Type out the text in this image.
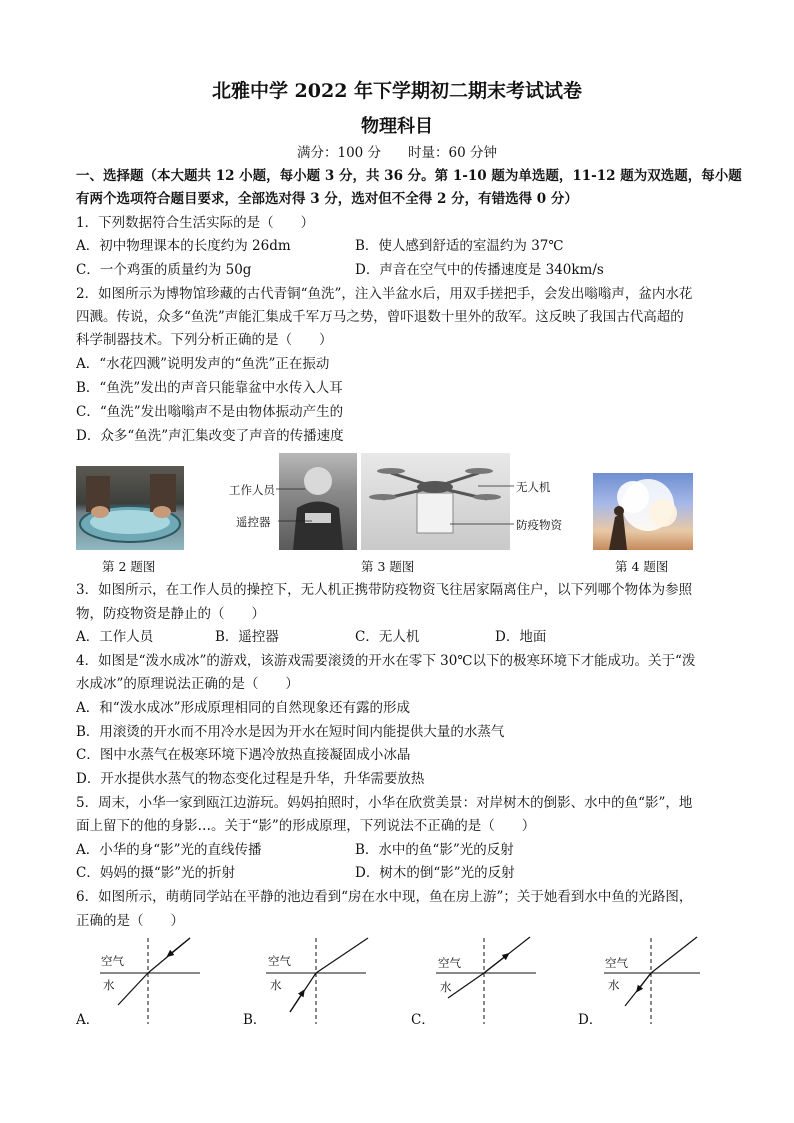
北雅中学 2022 年下学期初二期末考试试卷
物理科目
满分：100 分　　时量：60 分钟
一、选择题（本大题共 12 小题，每小题 3 分，共 36 分。第 1-10 题为单选题，11-12 题为双选题，每小题
有两个选项符合题目要求，全部选对得 3 分，选对但不全得 2 分，有错选得 0 分）
1．下列数据符合生活实际的是（　　）
A．初中物理课本的长度约为 26dm	B．使人感到舒适的室温约为 37℃
C．一个鸡蛋的质量约为 50g	D．声音在空气中的传播速度是 340km/s
2．如图所示为博物馆珍藏的古代青铜“鱼洗”，注入半盆水后，用双手搓把手，会发出嗡嗡声，盆内水花
四溅。传说，众多“鱼洗”声能汇集成千军万马之势，曾吓退数十里外的敌军。这反映了我国古代高超的
科学制器技术。下列分析正确的是（　　）
A．“水花四溅”说明发声的“鱼洗”正在振动
B．“鱼洗”发出的声音只能靠盆中水传入人耳
C．“鱼洗”发出嗡嗡声不是由物体振动产生的
D．众多“鱼洗”声汇集改变了声音的传播速度
第 2 题图
工作人员
遥控器
无人机
防疫物资
第 3 题图	第 4 题图
3．如图所示，在工作人员的操控下，无人机正携带防疫物资飞往居家隔离住户，以下列哪个物体为参照
物，防疫物资是静止的（　　）
A．工作人员	B．遥控器	C．无人机	D．地面
4．如图是“泼水成冰”的游戏，该游戏需要滚烫的开水在零下 30℃以下的极寒环境下才能成功。关于“泼
水成冰”的原理说法正确的是（　　）
A．和“泼水成冰”形成原理相同的自然现象还有露的形成
B．用滚烫的开水而不用冷水是因为开水在短时间内能提供大量的水蒸气
C．图中水蒸气在极寒环境下遇冷放热直接凝固成小冰晶
D．开水提供水蒸气的物态变化过程是升华，升华需要放热
5．周末，小华一家到瓯江边游玩。妈妈拍照时，小华在欣赏美景：对岸树木的倒影、水中的鱼“影”，地
面上留下的他的身影…。关于“影”的形成原理，下列说法不正确的是（　　）
A．小华的身“影”光的直线传播	B．水中的鱼“影”光的反射
C．妈妈的摄“影”光的折射	D．树木的倒“影”光的反射
6．如图所示，萌萌同学站在平静的池边看到“房在水中现，鱼在房上游”；关于她看到水中鱼的光路图，
正确的是（　　）
空气
水
A．
空气
水
B．
空气
水
C．
空气
水
D．
